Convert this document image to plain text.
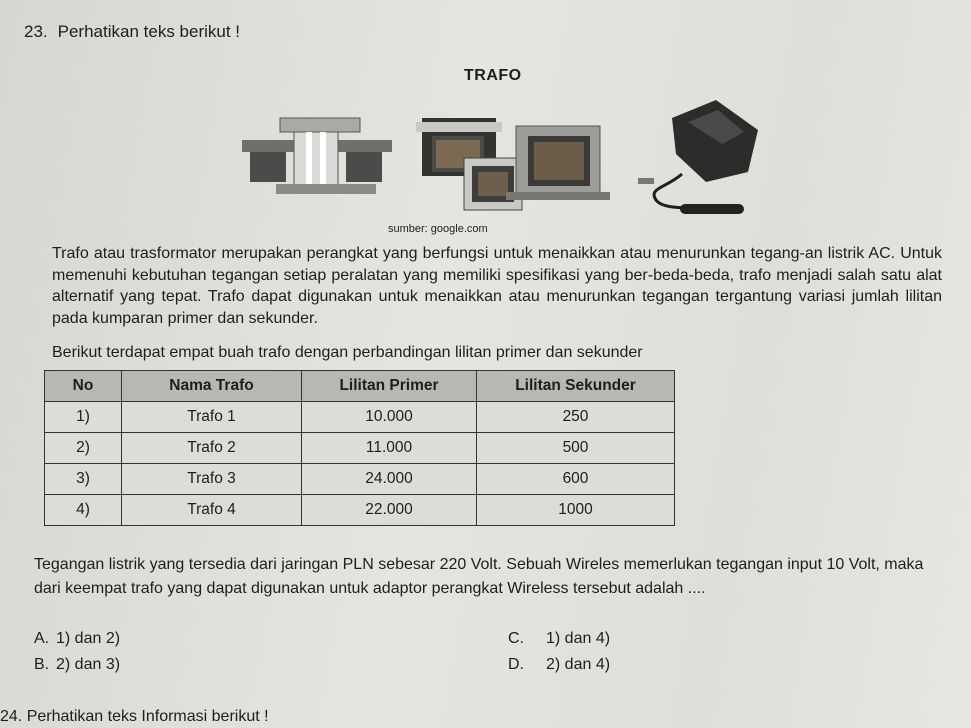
23. Perhatikan teks berikut !
TRAFO
sumber: google.com

Trafo atau trasformator merupakan perangkat yang berfungsi untuk menaikkan atau menurunkan tegang-an listrik AC. Untuk memenuhi kebutuhan tegangan setiap peralatan yang memiliki spesifikasi yang ber-beda-beda, trafo menjadi salah satu alat alternatif yang tepat. Trafo dapat digunakan untuk menaikkan atau menurunkan tegangan tergantung variasi jumlah lilitan pada kumparan primer dan sekunder.

Berikut terdapat empat buah trafo dengan perbandingan lilitan primer dan sekunder
No	Nama Trafo	Lilitan Primer	Lilitan Sekunder
1)	Trafo 1	10.000	250
2)	Trafo 2	11.000	500
3)	Trafo 3	24.000	600
4)	Trafo 4	22.000	1000

Tegangan listrik yang tersedia dari jaringan PLN sebesar 220 Volt. Sebuah Wireles memerlukan tegangan input 10 Volt, maka dari keempat trafo yang dapat digunakan untuk adaptor perangkat Wireless tersebut adalah ....

A. 1) dan 2)
B. 2) dan 3)
C. 1) dan 4)
D. 2) dan 4)
24. Perhatikan teks Informasi berikut !
